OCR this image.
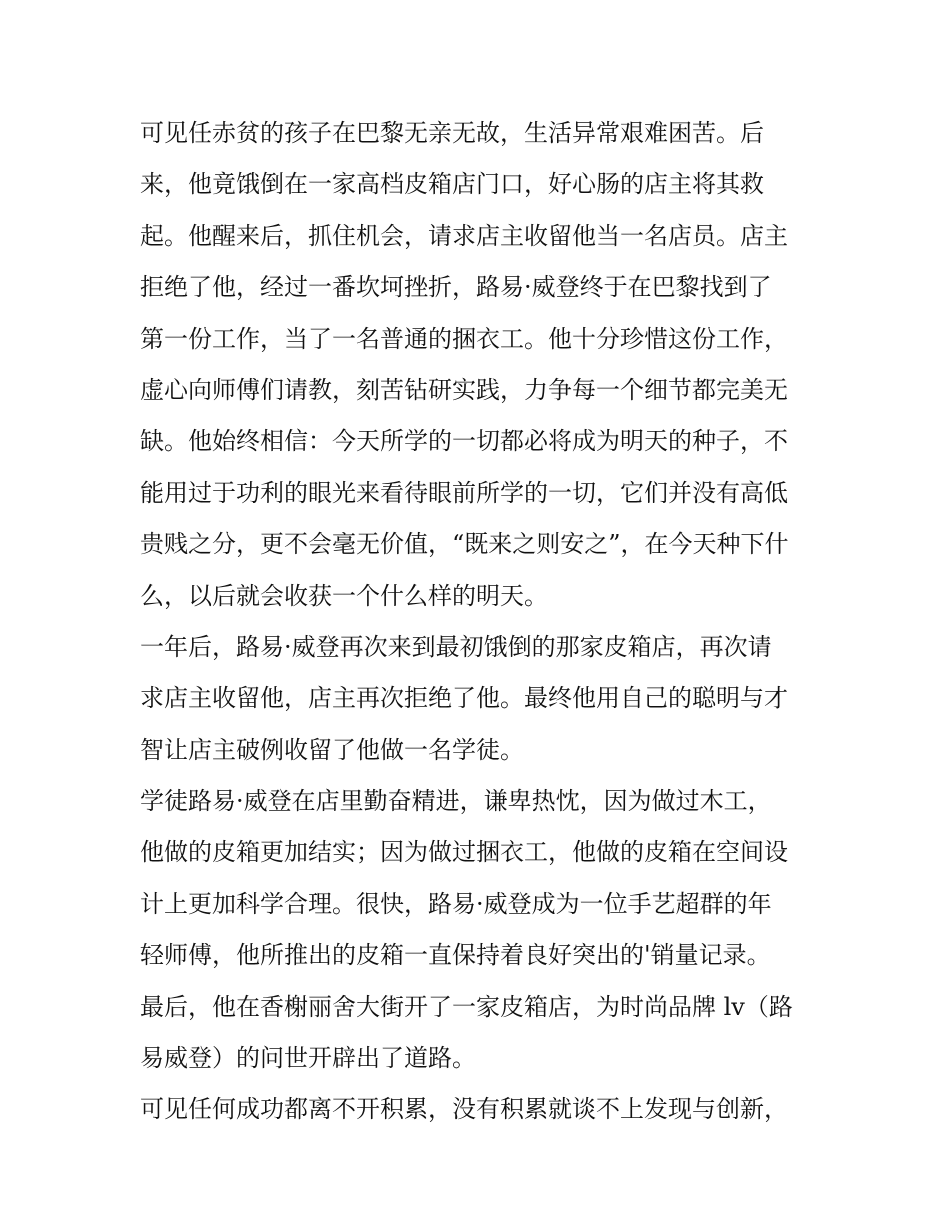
可见任赤贫的孩子在巴黎无亲无故，生活异常艰难困苦。后
来，他竟饿倒在一家高档皮箱店门口，好心肠的店主将其救
起。他醒来后，抓住机会，请求店主收留他当一名店员。店主
拒绝了他，经过一番坎坷挫折，路易·威登终于在巴黎找到了
第一份工作，当了一名普通的捆衣工。他十分珍惜这份工作，
虚心向师傅们请教，刻苦钻研实践，力争每一个细节都完美无
缺。他始终相信：今天所学的一切都必将成为明天的种子，不
能用过于功利的眼光来看待眼前所学的一切，它们并没有高低
贵贱之分，更不会毫无价值，“既来之则安之”，在今天种下什
么，以后就会收获一个什么样的明天。
一年后，路易·威登再次来到最初饿倒的那家皮箱店，再次请
求店主收留他，店主再次拒绝了他。最终他用自己的聪明与才
智让店主破例收留了他做一名学徒。
学徒路易·威登在店里勤奋精进，谦卑热忱，因为做过木工，
他做的皮箱更加结实；因为做过捆衣工，他做的皮箱在空间设
计上更加科学合理。很快，路易·威登成为一位手艺超群的年
轻师傅，他所推出的皮箱一直保持着良好突出的'销量记录。
最后，他在香榭丽舍大街开了一家皮箱店，为时尚品牌 lv（路
易威登）的问世开辟出了道路。
可见任何成功都离不开积累，没有积累就谈不上发现与创新，
